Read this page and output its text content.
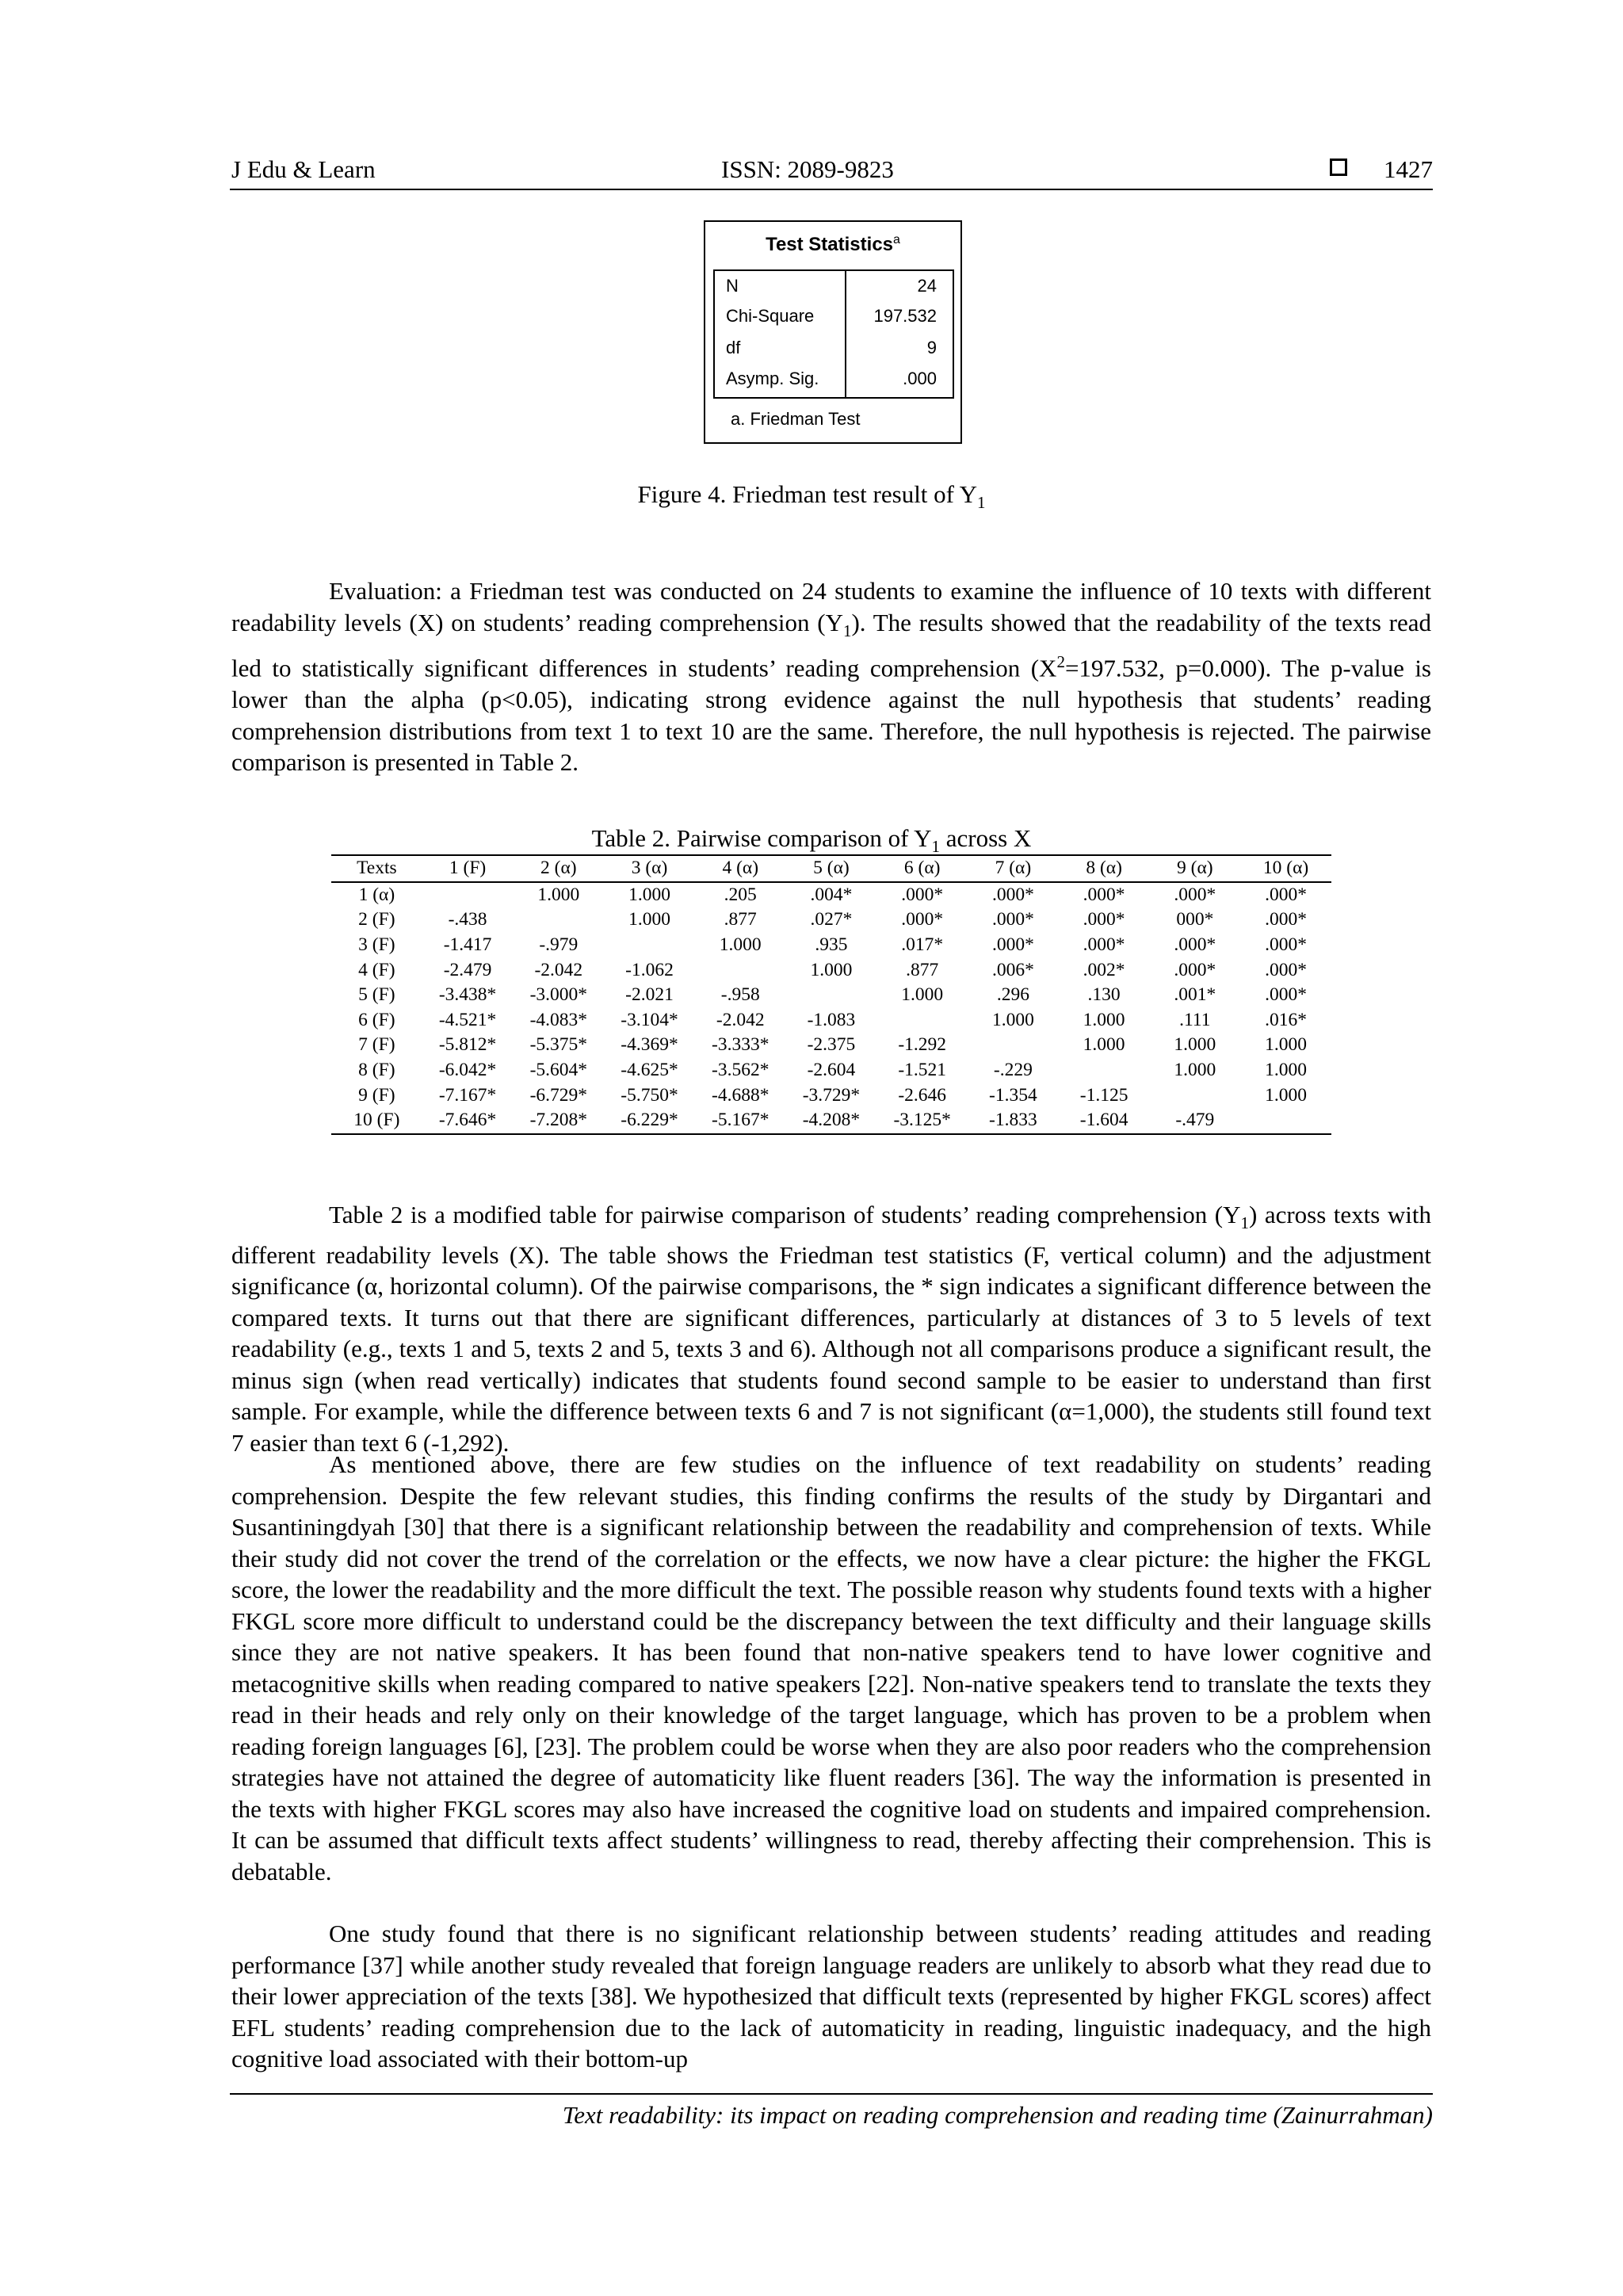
J Edu & Learn	ISSN: 2089-9823	1427
Test Statistics$^a$
N	24
Chi-Square	197.532
df	9
Asymp. Sig.	.000
a. Friedman Test
Figure 4. Friedman test result of $Y_1$

Evaluation: a Friedman test was conducted on 24 students to examine the influence of 10 texts with different readability levels (X) on students’ reading comprehension $(Y_1)$. The results showed that the readability of the texts read led to statistically significant differences in students’ reading comprehension ($X^2=197.532$, p=0.000). The p-value is lower than the alpha (p<0.05), indicating strong evidence against the null hypothesis that students’ reading comprehension distributions from text 1 to text 10 are the same. Therefore, the null hypothesis is rejected. The pairwise comparison is presented in Table 2.

Table 2. Pairwise comparison of $Y_1$ across X
Texts	1 (F)	2 (α)	3 (α)	4 (α)	5 (α)	6 (α)	7 (α)	8 (α)	9 (α)	10 (α)
1 (α)		1.000	1.000	.205	.004*	.000*	.000*	.000*	.000*	.000*
2 (F)	-.438		1.000	.877	.027*	.000*	.000*	.000*	000*	.000*
3 (F)	-1.417	-.979		1.000	.935	.017*	.000*	.000*	.000*	.000*
4 (F)	-2.479	-2.042	-1.062		1.000	.877	.006*	.002*	.000*	.000*
5 (F)	-3.438*	-3.000*	-2.021	-.958		1.000	.296	.130	.001*	.000*
6 (F)	-4.521*	-4.083*	-3.104*	-2.042	-1.083		1.000	1.000	.111	.016*
7 (F)	-5.812*	-5.375*	-4.369*	-3.333*	-2.375	-1.292		1.000	1.000	1.000
8 (F)	-6.042*	-5.604*	-4.625*	-3.562*	-2.604	-1.521	-.229		1.000	1.000
9 (F)	-7.167*	-6.729*	-5.750*	-4.688*	-3.729*	-2.646	-1.354	-1.125		1.000
10 (F)	-7.646*	-7.208*	-6.229*	-5.167*	-4.208*	-3.125*	-1.833	-1.604	-.479	

Table 2 is a modified table for pairwise comparison of students’ reading comprehension $(Y_1)$ across texts with different readability levels (X). The table shows the Friedman test statistics (F, vertical column) and the adjustment significance (α, horizontal column). Of the pairwise comparisons, the * sign indicates a significant difference between the compared texts. It turns out that there are significant differences, particularly at distances of 3 to 5 levels of text readability (e.g., texts 1 and 5, texts 2 and 5, texts 3 and 6). Although not all comparisons produce a significant result, the minus sign (when read vertically) indicates that students found second sample to be easier to understand than first sample. For example, while the difference between texts 6 and 7 is not significant (α=1,000), the students still found text 7 easier than text 6 (-1,292).

As mentioned above, there are few studies on the influence of text readability on students’ reading comprehension. Despite the few relevant studies, this finding confirms the results of the study by Dirgantari and Susantiningdyah [30] that there is a significant relationship between the readability and comprehension of texts. While their study did not cover the trend of the correlation or the effects, we now have a clear picture: the higher the FKGL score, the lower the readability and the more difficult the text. The possible reason why students found texts with a higher FKGL score more difficult to understand could be the discrepancy between the text difficulty and their language skills since they are not native speakers. It has been found that non-native speakers tend to have lower cognitive and metacognitive skills when reading compared to native speakers [22]. Non-native speakers tend to translate the texts they read in their heads and rely only on their knowledge of the target language, which has proven to be a problem when reading foreign languages [6], [23]. The problem could be worse when they are also poor readers who the comprehension strategies have not attained the degree of automaticity like fluent readers [36]. The way the information is presented in the texts with higher FKGL scores may also have increased the cognitive load on students and impaired comprehension. It can be assumed that difficult texts affect students’ willingness to read, thereby affecting their comprehension. This is debatable.

One study found that there is no significant relationship between students’ reading attitudes and reading performance [37] while another study revealed that foreign language readers are unlikely to absorb what they read due to their lower appreciation of the texts [38]. We hypothesized that difficult texts (represented by higher FKGL scores) affect EFL students’ reading comprehension due to the lack of automaticity in reading, linguistic inadequacy, and the high cognitive load associated with their bottom-up

Text readability: its impact on reading comprehension and reading time (Zainurrahman)
